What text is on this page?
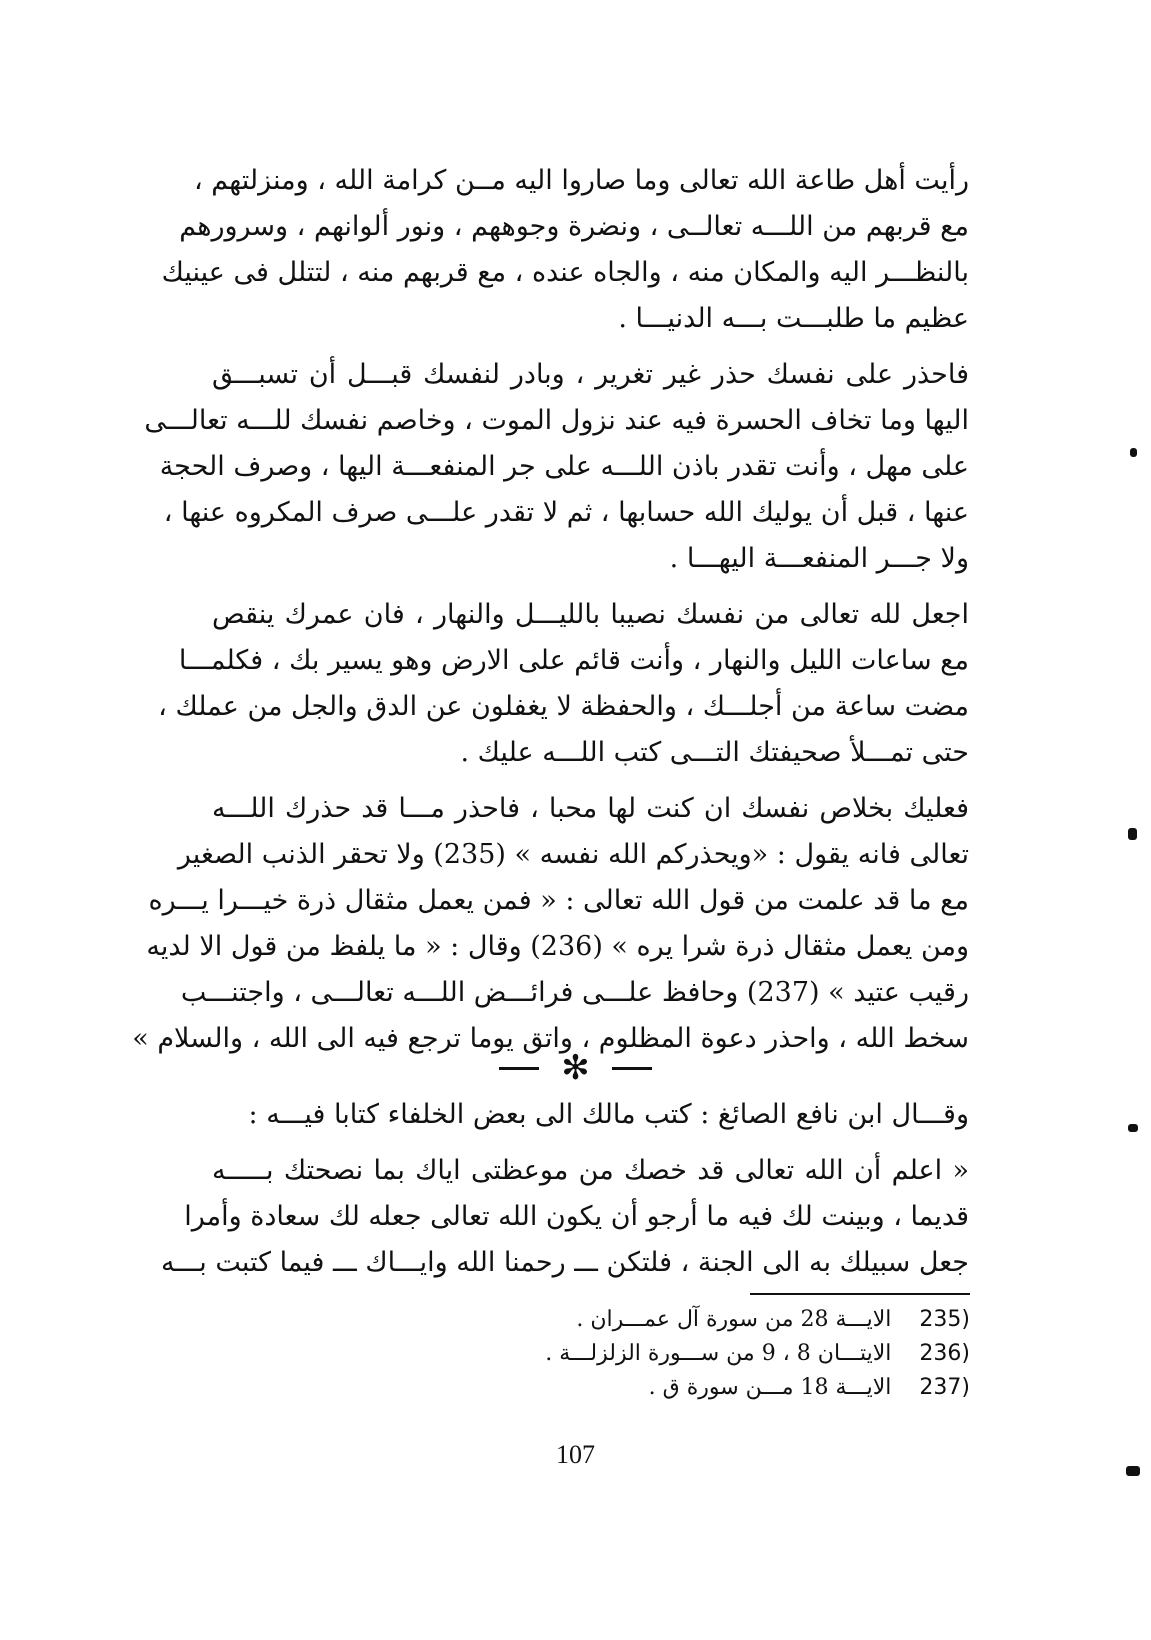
رأيت أهل طاعة الله تعالى وما صاروا اليه مــن كرامة الله ، ومنزلتهم ،
مع قربهم من اللـــه تعالــى ، ونضرة وجوههم ، ونور ألوانهم ، وسرورهم
بالنظـــر اليه والمكان منه ، والجاه عنده ، مع قربهم منه ، لتتلل فى عينيك
عظيم ما طلبـــت بـــه الدنيـــا .

فاحذر على نفسك حذر غير تغرير ، وبادر لنفسك قبـــل أن تسبـــق
اليها وما تخاف الحسرة فيه عند نزول الموت ، وخاصم نفسك للـــه تعالـــى
على مهل ، وأنت تقدر باذن اللـــه على جر المنفعـــة اليها ، وصرف الحجة
عنها ، قبل أن يوليك الله حسابها ، ثم لا تقدر علـــى صرف المكروه عنها ،
ولا جـــر المنفعـــة اليهـــا .

اجعل لله تعالى من نفسك نصيبا بالليـــل والنهار ، فان عمرك ينقص
مع ساعات الليل والنهار ، وأنت قائم على الارض وهو يسير بك ، فكلمـــا
مضت ساعة من أجلـــك ، والحفظة لا يغفلون عن الدق والجل من عملك ،
حتى تمـــلأ صحيفتك التـــى كتب اللـــه عليك .

فعليك بخلاص نفسك ان كنت لها محبا ، فاحذر مـــا قد حذرك اللـــه
تعالى فانه يقول : «ويحذركم الله نفسه » (235) ولا تحقر الذنب الصغير
مع ما قد علمت من قول الله تعالى : « فمن يعمل مثقال ذرة خيـــرا يـــره
ومن يعمل مثقال ذرة شرا يره » (236) وقال : « ما يلفظ من قول الا لديه
رقيب عتيد » (237) وحافظ علـــى فرائـــض اللـــه تعالـــى ، واجتنـــب
سخط الله ، واحذر دعوة المظلوم ، واتق يوما ترجع فيه الى الله ، والسلام »

✻

وقـــال ابن نافع الصائغ : كتب مالك الى بعض الخلفاء كتابا فيـــه :

« اعلم أن الله تعالى قد خصك من موعظتى اياك بما نصحتك بـــــه
قديما ، وبينت لك فيه ما أرجو أن يكون الله تعالى جعله لك سعادة وأمرا
جعل سبيلك به الى الجنة ، فلتكن ـــ رحمنا الله وايـــاك ـــ فيما كتبت بـــه

(235
الايـــة 28 من سورة آل عمـــران .
(236
الايتـــان 8 ، 9 من ســـورة الزلزلـــة .
(237
الايـــة 18 مـــن سورة ق .
107
